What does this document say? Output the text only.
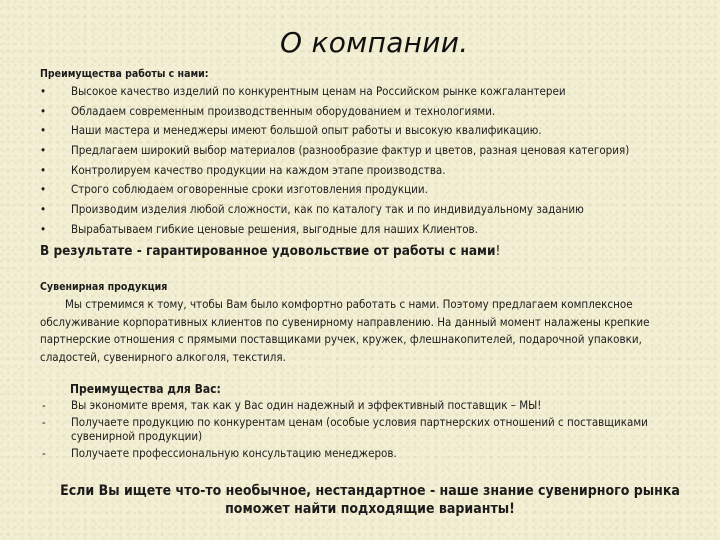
О компании.
Преимущества работы с нами:
•	Высокое качество изделий по конкурентным ценам на Российском рынке кожгалантереи
•	Обладаем современным производственным оборудованием и технологиями.
•	Наши мастера и менеджеры имеют большой опыт работы и высокую квалификацию.
•	Предлагаем широкий выбор материалов (разнообразие фактур и цветов, разная ценовая категория)
•	Контролируем качество продукции на каждом этапе производства.
•	Строго соблюдаем оговоренные сроки изготовления продукции.
•	Производим изделия любой сложности, как по каталогу так и по индивидуальному заданию
•	Вырабатываем гибкие ценовые решения, выгодные для наших Клиентов.
В результате - гарантированное удовольствие от работы с нами!
Сувенирная продукция
Мы стремимся к тому, чтобы Вам было комфортно работать с нами. Поэтому предлагаем комплексное обслуживание корпоративных клиентов по сувенирному направлению. На данный момент налажены крепкие партнерские отношения с прямыми поставщиками ручек, кружек, флешнакопителей, подарочной упаковки, сладостей, сувенирного алкоголя, текстиля.
Преимущества для Вас:
- Вы экономите время, так как у Вас один надежный и эффективный поставщик – МЫ!
- Получаете продукцию по конкурентам ценам (особые условия партнерских отношений с поставщиками сувенирной продукции)
- Получаете профессиональную консультацию менеджеров.
Если Вы ищете что-то необычное, нестандартное - наше знание сувенирного рынка
поможет найти подходящие варианты!
